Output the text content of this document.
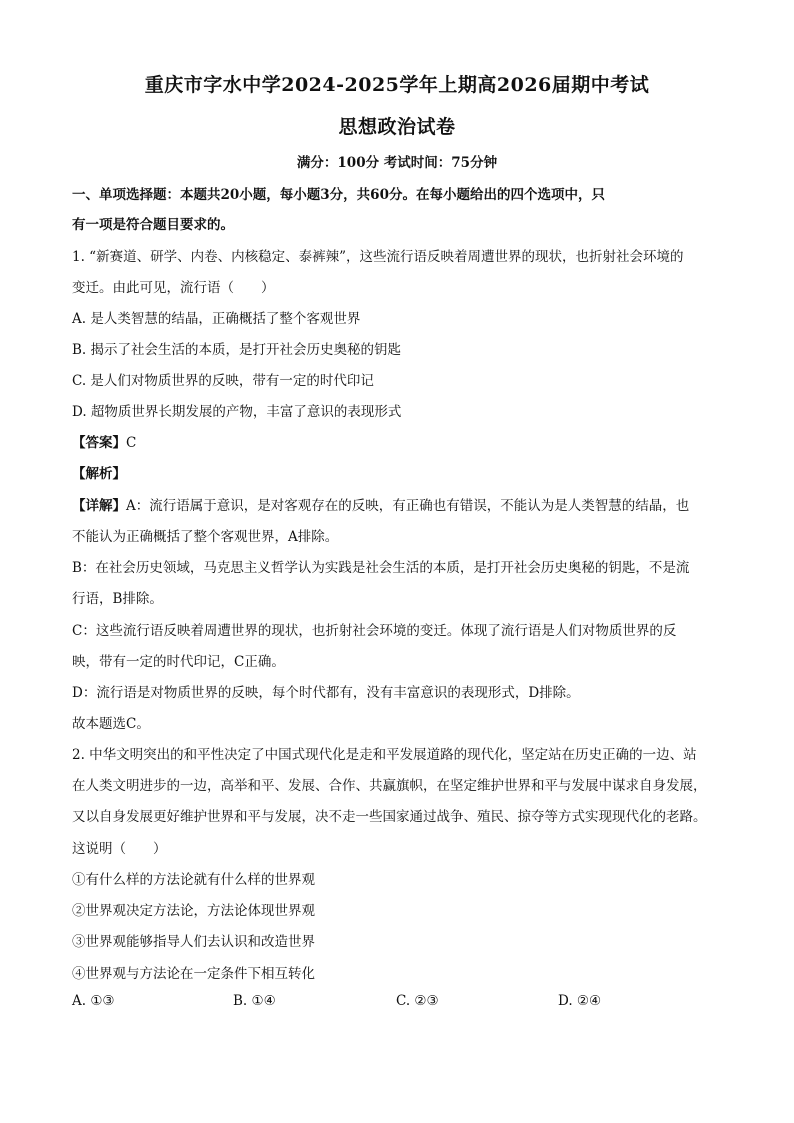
重庆市字水中学2024-2025学年上期高2026届期中考试
思想政治试卷
满分：100分 考试时间：75分钟
一、单项选择题：本题共20小题，每小题3分，共60分。在每小题给出的四个选项中，只
有一项是符合题目要求的。
1. “新赛道、研学、内卷、内核稳定、泰裤辣”，这些流行语反映着周遭世界的现状，也折射社会环境的
变迁。由此可见，流行语（　　）
A. 是人类智慧的结晶，正确概括了整个客观世界
B. 揭示了社会生活的本质，是打开社会历史奥秘的钥匙
C. 是人们对物质世界的反映，带有一定的时代印记
D. 超物质世界长期发展的产物，丰富了意识的表现形式
【答案】C
【解析】
【详解】A：流行语属于意识，是对客观存在的反映，有正确也有错误，不能认为是人类智慧的结晶，也
不能认为正确概括了整个客观世界，A排除。
B：在社会历史领域，马克思主义哲学认为实践是社会生活的本质，是打开社会历史奥秘的钥匙，不是流
行语，B排除。
C：这些流行语反映着周遭世界的现状，也折射社会环境的变迁。体现了流行语是人们对物质世界的反
映，带有一定的时代印记，C正确。
D：流行语是对物质世界的反映，每个时代都有，没有丰富意识的表现形式，D排除。
故本题选C。
2. 中华文明突出的和平性决定了中国式现代化是走和平发展道路的现代化，坚定站在历史正确的一边、站
在人类文明进步的一边，高举和平、发展、合作、共赢旗帜，在坚定维护世界和平与发展中谋求自身发展，
又以自身发展更好维护世界和平与发展，决不走一些国家通过战争、殖民、掠夺等方式实现现代化的老路。
这说明（　　）
①有什么样的方法论就有什么样的世界观
②世界观决定方法论，方法论体现世界观
③世界观能够指导人们去认识和改造世界
④世界观与方法论在一定条件下相互转化
A. ①③	B. ①④	C. ②③	D. ②④
